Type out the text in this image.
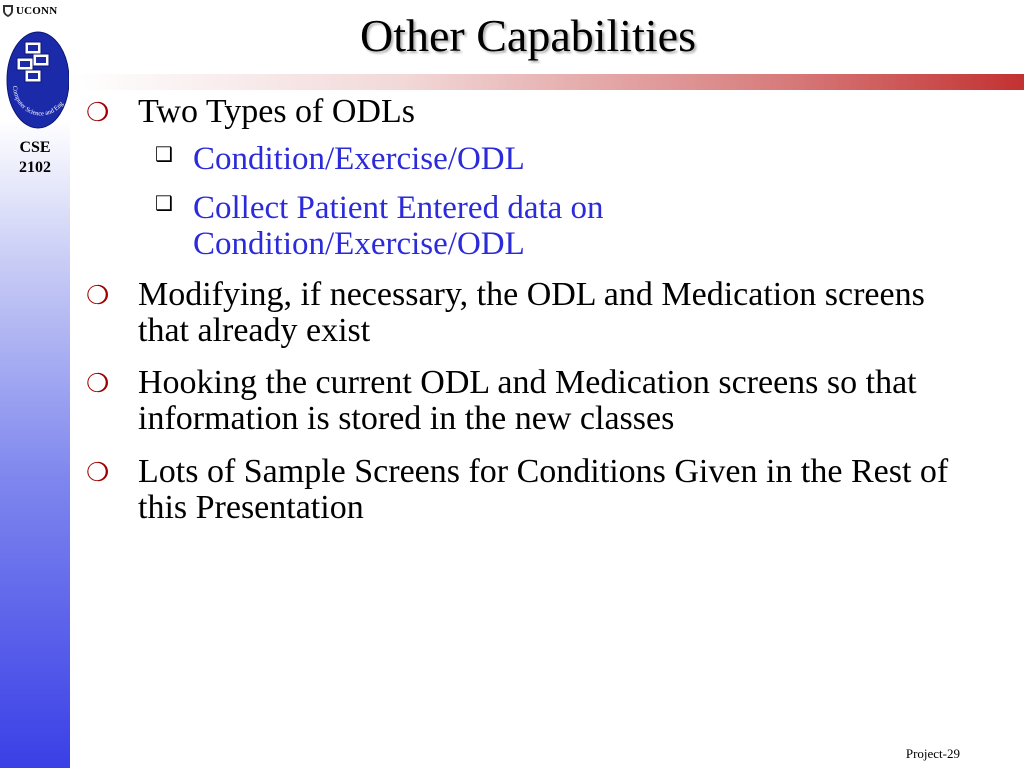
UCONN
Computer Science and Eng
CSE
2102
Other Capabilities
❍ Two Types of ODLs
❑ Condition/Exercise/ODL
❑ Collect Patient Entered data on Condition/Exercise/ODL
❍ Modifying, if necessary, the ODL and Medication screens that already exist
❍ Hooking the current ODL and Medication screens so that information is stored in the new classes
❍ Lots of Sample Screens for Conditions Given in the Rest of this Presentation
Project-29
